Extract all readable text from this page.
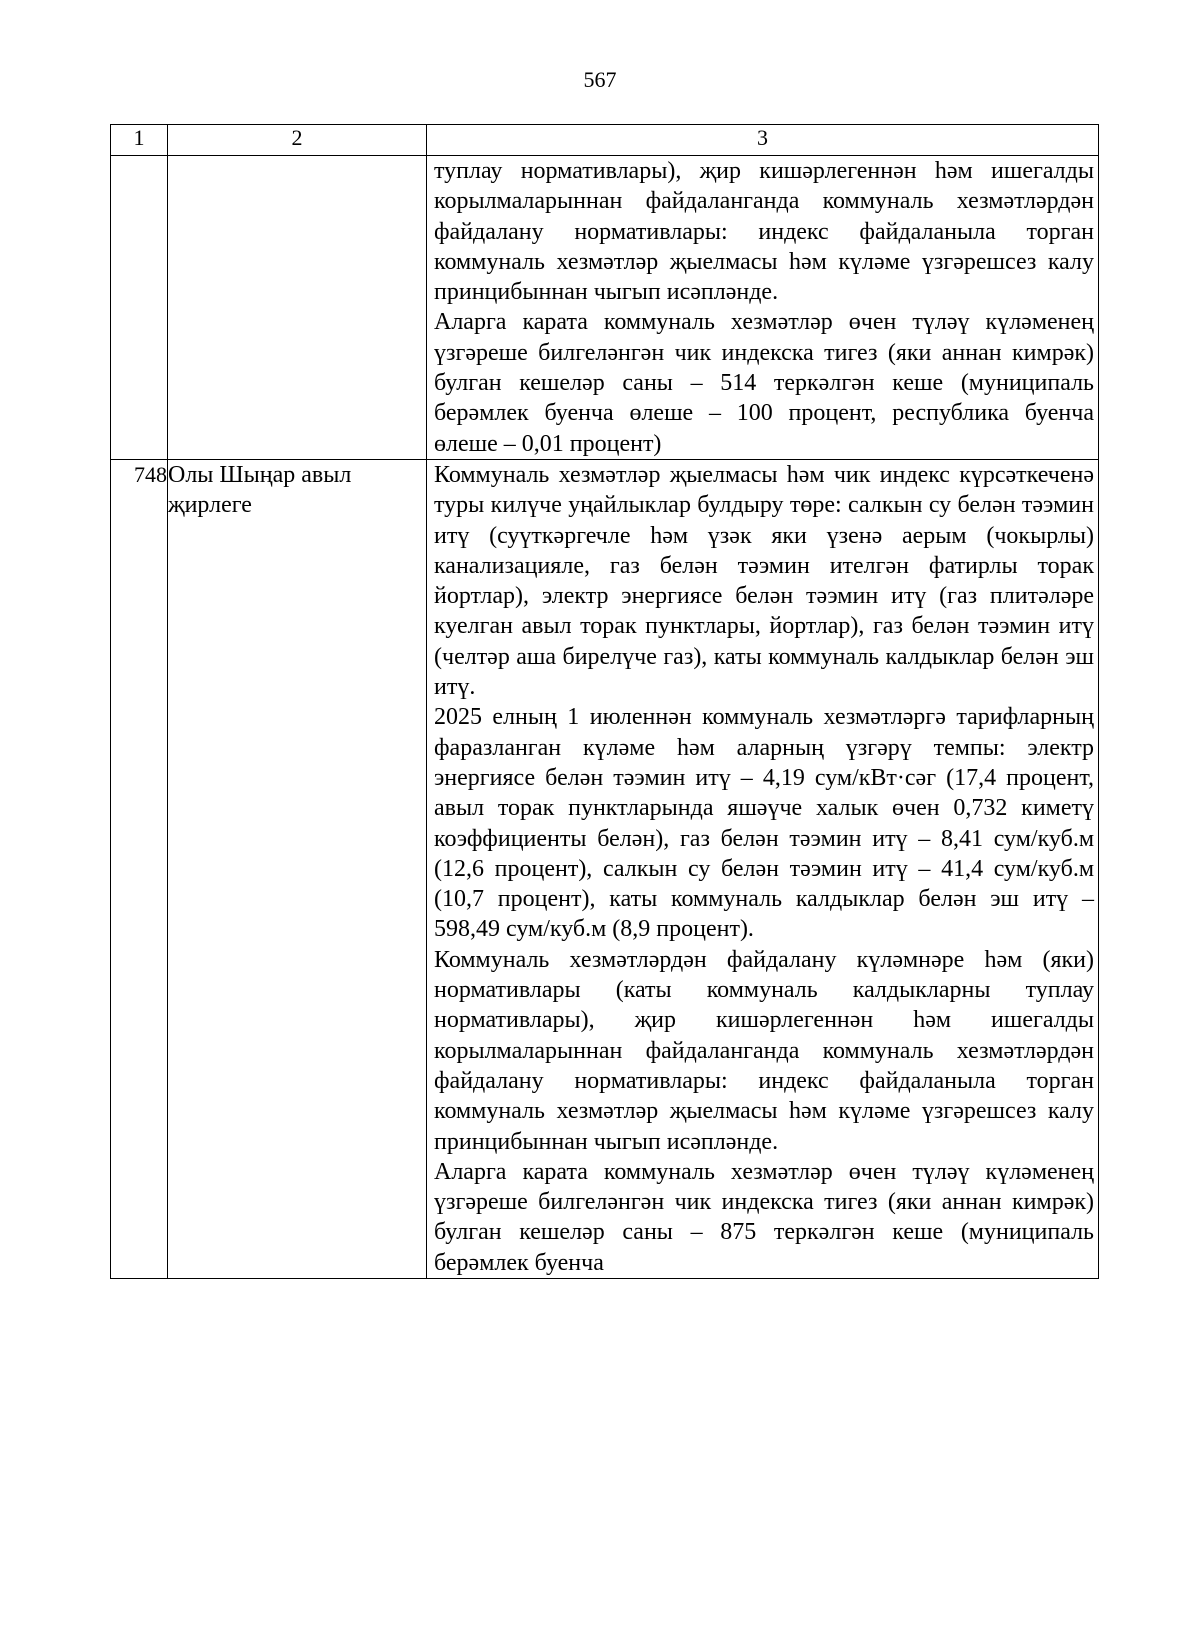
567
1	2	3

		туплау нормативлары), җир кишәрлегеннән һәм ишегалды корылмаларыннан файдаланганда коммуналь хезмәтләрдән файдалану нормативлары: индекс файдаланыла торган коммуналь хезмәтләр җыелмасы һәм күләме үзгәрешсез калу принцибыннан чыгып исәпләнде.

Аларга карата коммуналь хезмәтләр өчен түләү күләменең үзгәреше билгеләнгән чик индекска тигез (яки аннан кимрәк) булган кешеләр саны – 514 теркәлгән кеше (муниципаль берәмлек буенча өлеше – 100 процент, республика буенча өлеше – 0,01 процент)

748	Олы Шыңар авыл җирлеге	Коммуналь хезмәтләр җыелмасы һәм чик индекс күрсәткеченә туры килүче уңайлыклар булдыру төре: салкын су белән тәэмин итү (суүткәргечле һәм үзәк яки үзенә аерым (чокырлы) канализацияле, газ белән тәэмин ителгән фатирлы торак йортлар), электр энергиясе белән тәэмин итү (газ плитәләре куелган авыл торак пунктлары, йортлар), газ белән тәэмин итү (челтәр аша бирелүче газ), каты коммуналь калдыклар белән эш итү.

2025 елның 1 июленнән коммуналь хезмәтләргә тарифларның фаразланган күләме һәм аларның үзгәрү темпы: электр энергиясе белән тәэмин итү – 4,19 сум/кВт·сәг (17,4 процент, авыл торак пунктларында яшәүче халык өчен 0,732 киметү коэффициенты белән), газ белән тәэмин итү – 8,41 сум/куб.м (12,6 процент), салкын су белән тәэмин итү – 41,4 сум/куб.м (10,7 процент), каты коммуналь калдыклар белән эш итү – 598,49 сум/куб.м (8,9 процент).

Коммуналь хезмәтләрдән файдалану күләмнәре һәм (яки) нормативлары (каты коммуналь калдыкларны туплау нормативлары), җир кишәрлегеннән һәм ишегалды корылмаларыннан файдаланганда коммуналь хезмәтләрдән файдалану нормативлары: индекс файдаланыла торган коммуналь хезмәтләр җыелмасы һәм күләме үзгәрешсез калу принцибыннан чыгып исәпләнде.

Аларга карата коммуналь хезмәтләр өчен түләү күләменең үзгәреше билгеләнгән чик индекска тигез (яки аннан кимрәк) булган кешеләр саны – 875 теркәлгән кеше (муниципаль берәмлек буенча
